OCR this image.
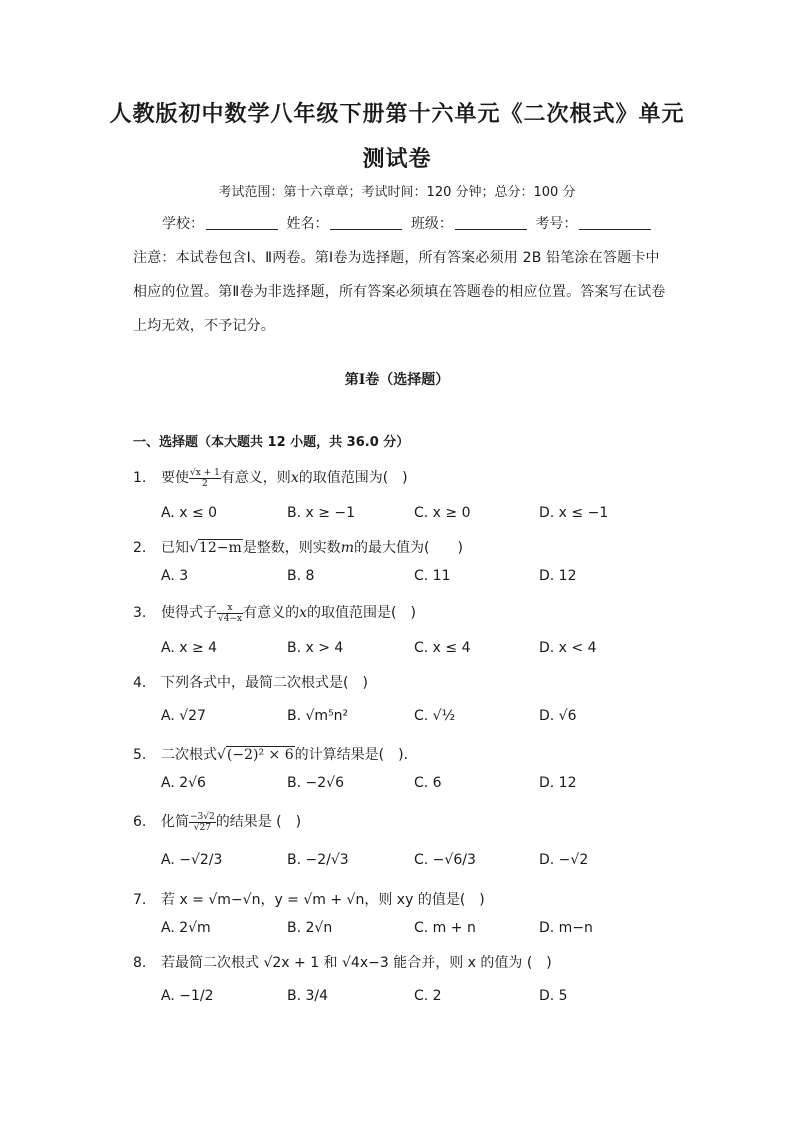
人教版初中数学八年级下册第十六单元《二次根式》单元
测试卷
考试范围：第十六章章；考试时间：120 分钟；总分：100 分
学校：	姓名：	班级：	考号：
注意：本试卷包含Ⅰ、Ⅱ两卷。第Ⅰ卷为选择题，所有答案必须用 2B 铅笔涂在答题卡中相应的位置。第Ⅱ卷为非选择题，所有答案必须填在答题卷的相应位置。答案写在试卷上均无效，不予记分。
第Ⅰ卷（选择题）
一、选择题（本大题共 12 小题，共 36.0 分）
1. 要使 $\frac{√x + 1}{2}$ 有意义，则x的取值范围为(　)
A. x ≤ 0	B. x ≥ −1	C. x ≥ 0	D. x ≤ −1
2. 已知√12−m是整数，则实数m的最大值为(　　)
A. 3	B. 8	C. 11	D. 12
3. 使得式子 $\frac{x}{√4-x}$ 有意义的x的取值范围是(　)
A. x ≥ 4	B. x > 4	C. x ≤ 4	D. x < 4
4. 下列各式中，最简二次根式是(　)
A. √27	B. √m⁵n²	C. √½	D. √6
5. 二次根式√(−2)² × 6的计算结果是(　)．
A. 2√6	B. −2√6	C. 6	D. 12
6. 化简 $\frac{-3√2}{√27}$ 的结果是 (　)
A. −√2/3	B. −2/√3	C. −√6/3	D. −√2
7. 若 x = √m−√n，y = √m + √n，则 xy 的值是(　)
A. 2√m	B. 2√n	C. m + n	D. m−n
8. 若最简二次根式 √2x + 1 和 √4x−3 能合并，则 x 的值为 (　)
A. −1/2	B. 3/4	C. 2	D. 5
